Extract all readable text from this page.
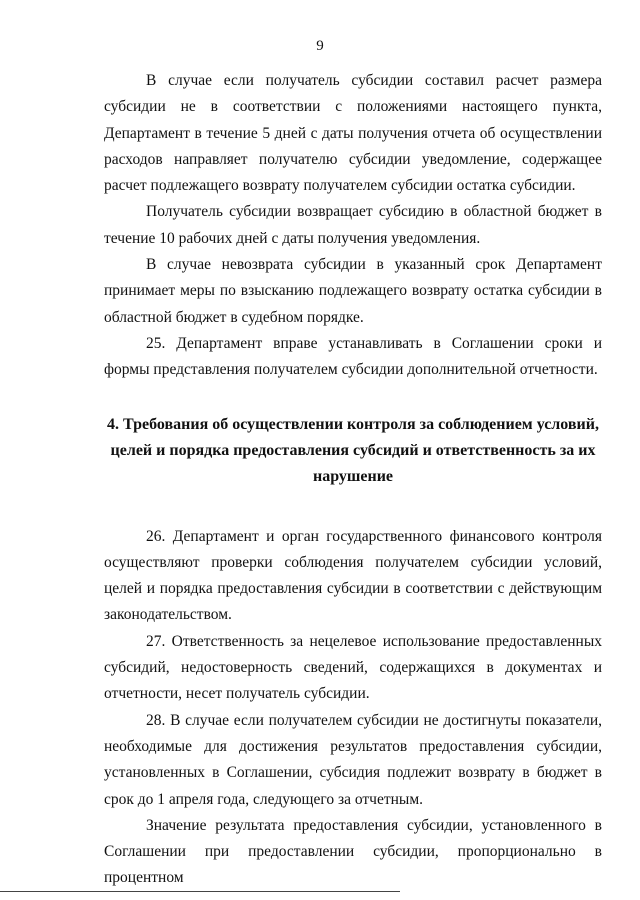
9

В случае если получатель субсидии составил расчет размера субсидии не в соответствии с положениями настоящего пункта, Департамент в течение 5 дней с даты получения отчета об осуществлении расходов направляет получателю субсидии уведомление, содержащее расчет подлежащего возврату получателем субсидии остатка субсидии.

Получатель субсидии возвращает субсидию в областной бюджет в течение 10 рабочих дней с даты получения уведомления.

В случае невозврата субсидии в указанный срок Департамент принимает меры по взысканию подлежащего возврату остатка субсидии в областной бюджет в судебном порядке.

25. Департамент вправе устанавливать в Соглашении сроки и формы представления получателем субсидии дополнительной отчетности.

4. Требования об осуществлении контроля за соблюдением условий, целей и порядка предоставления субсидий и ответственность за их нарушение

26. Департамент и орган государственного финансового контроля осуществляют проверки соблюдения получателем субсидии условий, целей и порядка предоставления субсидии в соответствии с действующим законодательством.

27. Ответственность за нецелевое использование предоставленных субсидий, недостоверность сведений, содержащихся в документах и отчетности, несет получатель субсидии.

28. В случае если получателем субсидии не достигнуты показатели, необходимые для достижения результатов предоставления субсидии, установленных в Соглашении, субсидия подлежит возврату в бюджет в срок до 1 апреля года, следующего за отчетным.

Значение результата предоставления субсидии, установленного в Соглашении при предоставлении субсидии, пропорционально в процентном
